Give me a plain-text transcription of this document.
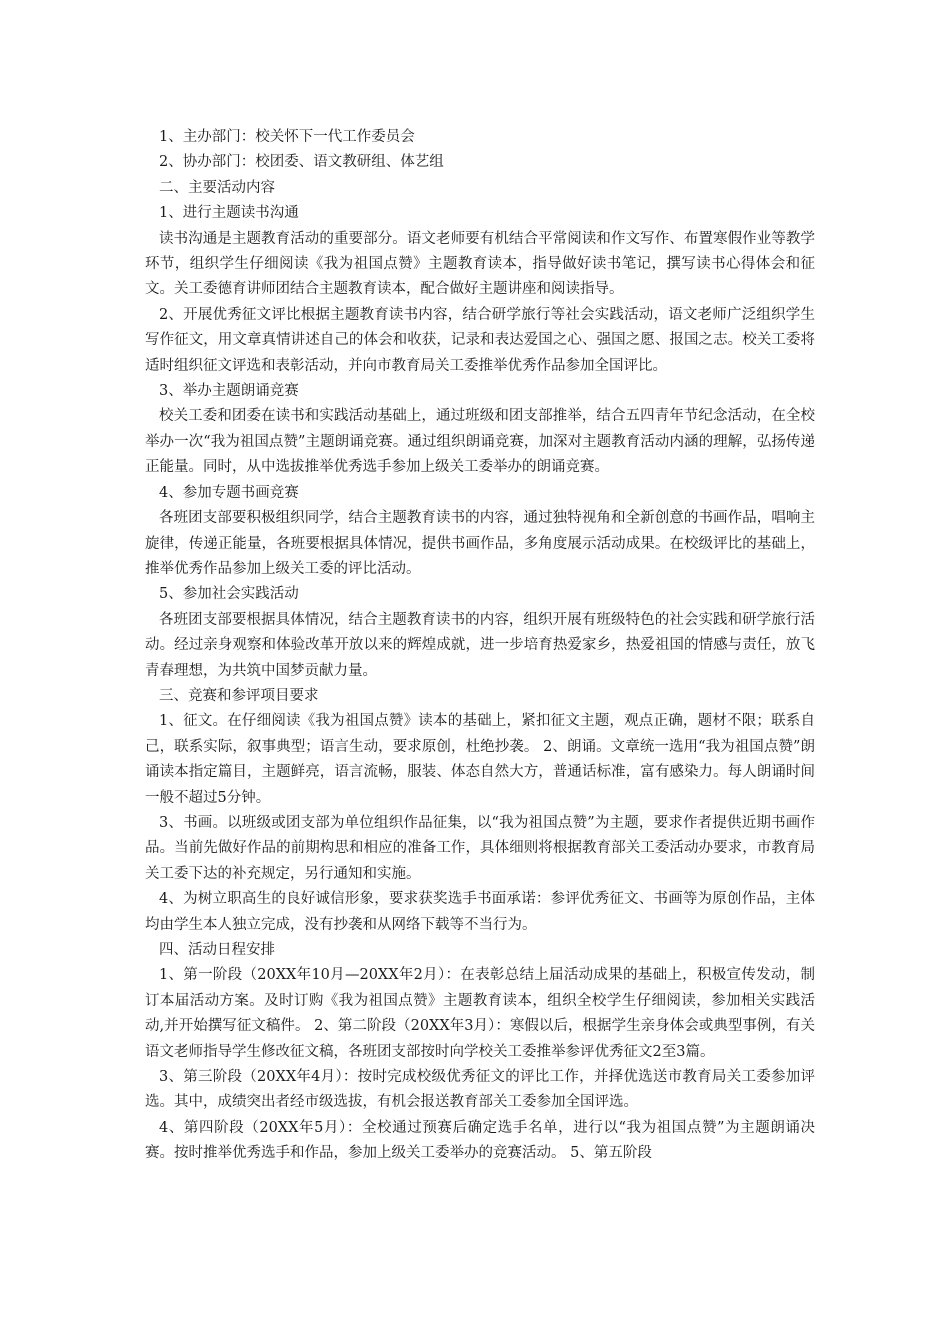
1、主办部门：校关怀下一代工作委员会

2、协办部门：校团委、语文教研组、体艺组

二、主要活动内容

1、进行主题读书沟通

读书沟通是主题教育活动的重要部分。语文老师要有机结合平常阅读和作文写作、布置寒假作业等教学环节，组织学生仔细阅读《我为祖国点赞》主题教育读本，指导做好读书笔记，撰写读书心得体会和征文。关工委德育讲师团结合主题教育读本，配合做好主题讲座和阅读指导。

2、开展优秀征文评比根据主题教育读书内容，结合研学旅行等社会实践活动，语文老师广泛组织学生写作征文，用文章真情讲述自己的体会和收获，记录和表达爱国之心、强国之愿、报国之志。校关工委将适时组织征文评选和表彰活动，并向市教育局关工委推举优秀作品参加全国评比。

3、举办主题朗诵竞赛

校关工委和团委在读书和实践活动基础上，通过班级和团支部推举，结合五四青年节纪念活动，在全校举办一次“我为祖国点赞”主题朗诵竞赛。通过组织朗诵竞赛，加深对主题教育活动内涵的理解，弘扬传递正能量。同时，从中选拔推举优秀选手参加上级关工委举办的朗诵竞赛。

4、参加专题书画竞赛

各班团支部要积极组织同学，结合主题教育读书的内容，通过独特视角和全新创意的书画作品，唱响主旋律，传递正能量，各班要根据具体情况，提供书画作品，多角度展示活动成果。在校级评比的基础上，推举优秀作品参加上级关工委的评比活动。

5、参加社会实践活动

各班团支部要根据具体情况，结合主题教育读书的内容，组织开展有班级特色的社会实践和研学旅行活动。经过亲身观察和体验改革开放以来的辉煌成就，进一步培育热爱家乡，热爱祖国的情感与责任，放飞青春理想，为共筑中国梦贡献力量。

三、竞赛和参评项目要求

1、征文。在仔细阅读《我为祖国点赞》读本的基础上，紧扣征文主题，观点正确，题材不限；联系自己，联系实际，叙事典型；语言生动，要求原创，杜绝抄袭。 2、朗诵。文章统一选用“我为祖国点赞”朗诵读本指定篇目，主题鲜亮，语言流畅，服装、体态自然大方，普通话标准，富有感染力。每人朗诵时间一般不超过5分钟。

3、书画。以班级或团支部为单位组织作品征集，以“我为祖国点赞”为主题，要求作者提供近期书画作品。当前先做好作品的前期构思和相应的准备工作，具体细则将根据教育部关工委活动办要求，市教育局关工委下达的补充规定，另行通知和实施。

4、为树立职高生的良好诚信形象，要求获奖选手书面承诺：参评优秀征文、书画等为原创作品，主体均由学生本人独立完成，没有抄袭和从网络下载等不当行为。

四、活动日程安排

1、第一阶段（20XX年10月—20XX年2月）：在表彰总结上届活动成果的基础上，积极宣传发动，制订本届活动方案。及时订购《我为祖国点赞》主题教育读本，组织全校学生仔细阅读，参加相关实践活动,并开始撰写征文稿件。 2、第二阶段（20XX年3月）：寒假以后，根据学生亲身体会或典型事例，有关语文老师指导学生修改征文稿，各班团支部按时向学校关工委推举参评优秀征文2至3篇。

3、第三阶段（20XX年4月）：按时完成校级优秀征文的评比工作，并择优选送市教育局关工委参加评选。其中，成绩突出者经市级选拔，有机会报送教育部关工委参加全国评选。

4、第四阶段（20XX年5月）：全校通过预赛后确定选手名单，进行以“我为祖国点赞”为主题朗诵决赛。按时推举优秀选手和作品，参加上级关工委举办的竞赛活动。 5、第五阶段
